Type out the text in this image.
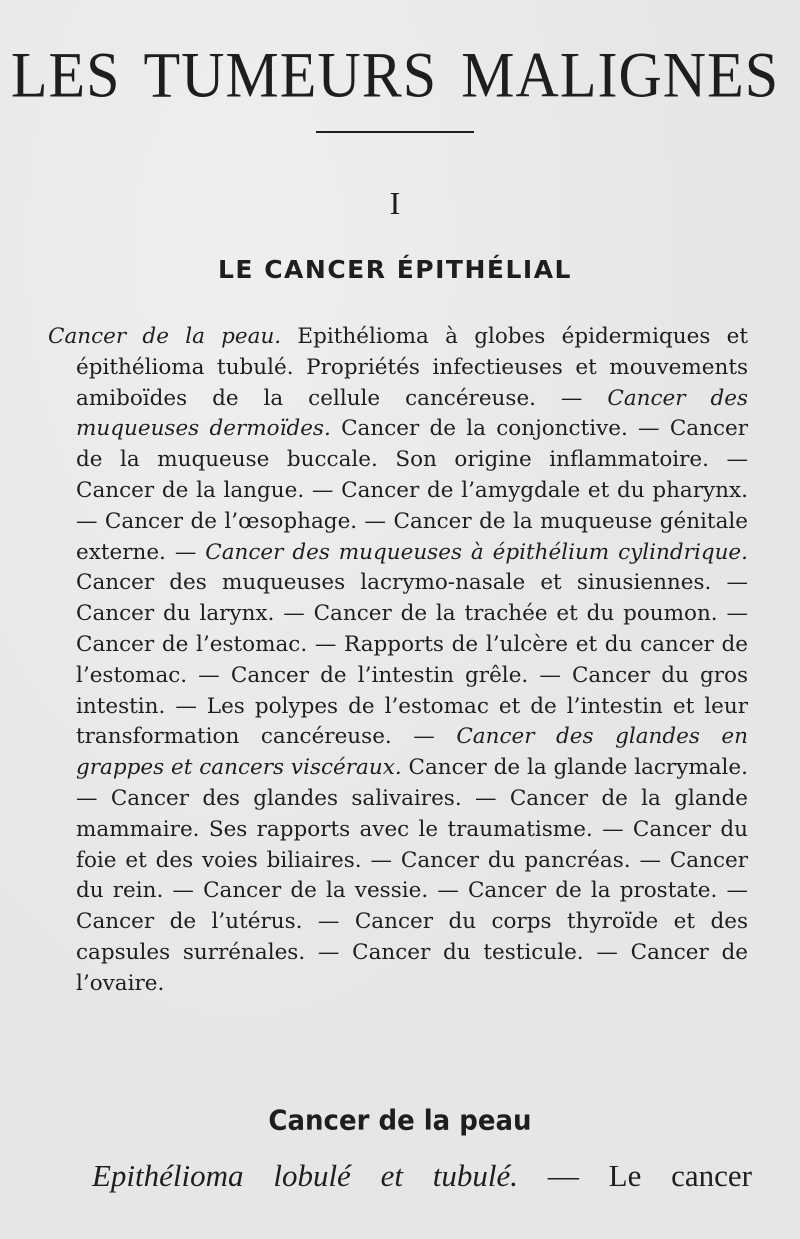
LES TUMEURS MALIGNES
I
LE CANCER ÉPITHÉLIAL

Cancer de la peau. Epithélioma à globes épidermiques et épithélioma tubulé. Propriétés infectieuses et mouvements amiboïdes de la cellule cancéreuse. — Cancer des muqueuses dermoïdes. Cancer de la conjonctive. — Cancer de la muqueuse buccale. Son origine inflammatoire. — Cancer de la langue. — Cancer de l’amygdale et du pharynx. — Cancer de l’œsophage. — Cancer de la muqueuse génitale externe. — Cancer des muqueuses à épithélium cylindrique. Cancer des muqueuses lacrymo-nasale et sinusiennes. — Cancer du larynx. — Cancer de la trachée et du poumon. — Cancer de l’estomac. — Rapports de l’ulcère et du cancer de l’estomac. — Cancer de l’intestin grêle. — Cancer du gros intestin. — Les polypes de l’estomac et de l’intestin et leur transformation cancéreuse. — Cancer des glandes en grappes et cancers viscéraux. Cancer de la glande lacrymale. — Cancer des glandes salivaires. — Cancer de la glande mammaire. Ses rapports avec le traumatisme. — Cancer du foie et des voies biliaires. — Cancer du pancréas. — Cancer du rein. — Cancer de la vessie. — Cancer de la prostate. — Cancer de l’utérus. — Cancer du corps thyroïde et des capsules surrénales. — Cancer du testicule. — Cancer de l’ovaire.

Cancer de la peau

Epithélioma lobulé et tubulé. — Le cancer
